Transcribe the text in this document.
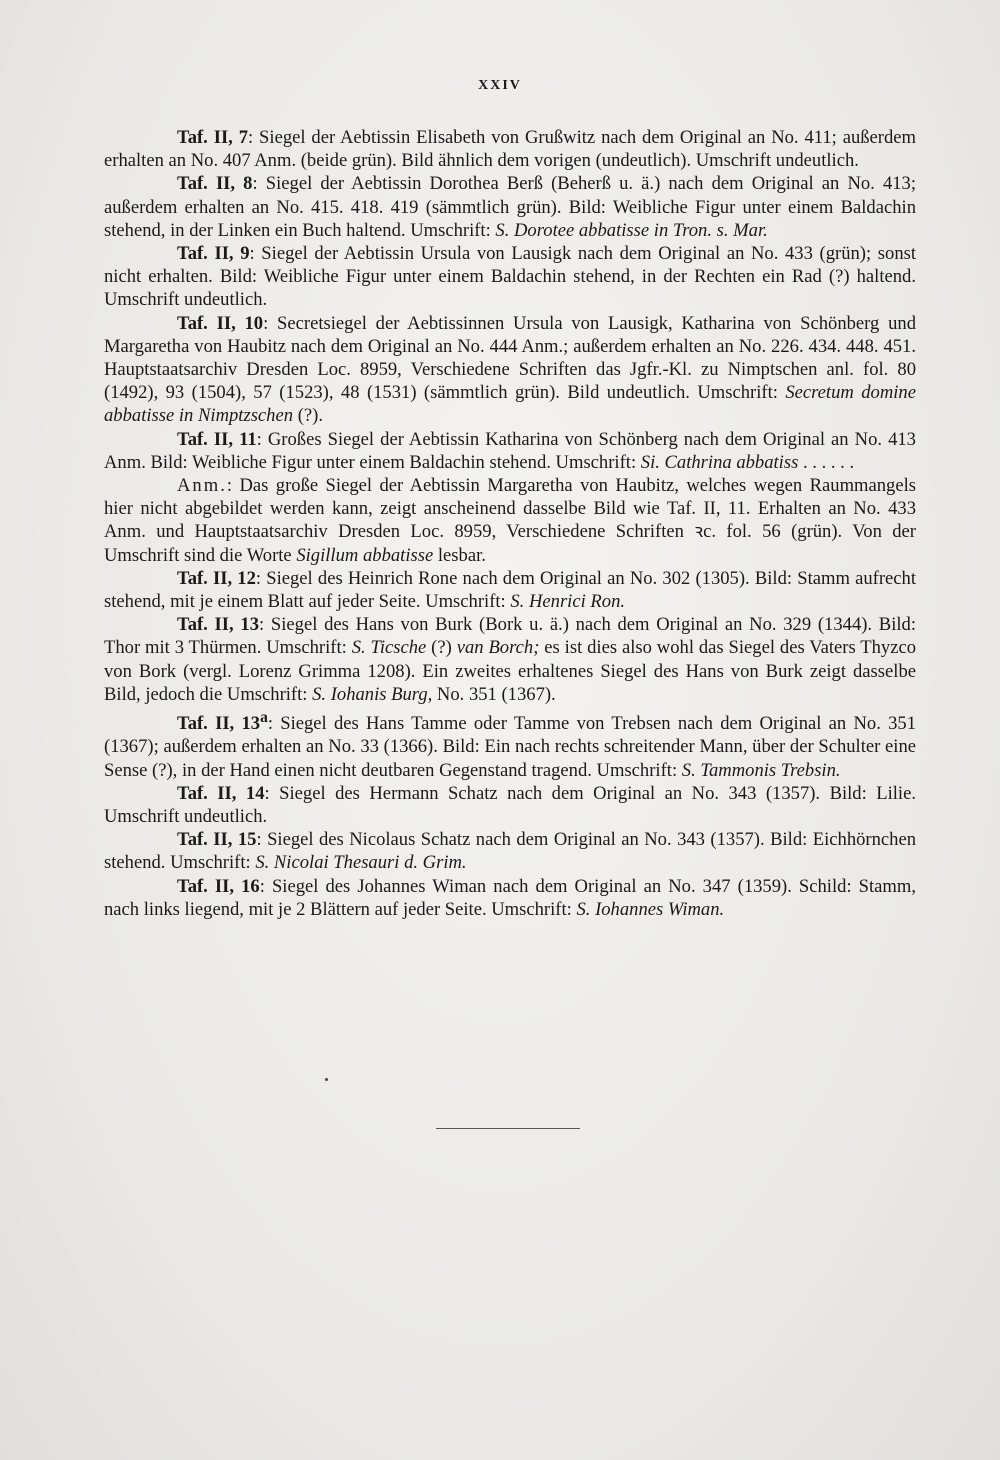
XXIV

Taf. II, 7: Siegel der Aebtissin Elisabeth von Grußwitz nach dem Original an No. 411; außerdem erhalten an No. 407 Anm. (beide grün). Bild ähnlich dem vorigen (undeutlich). Umschrift undeutlich.

Taf. II, 8: Siegel der Aebtissin Dorothea Berß (Beherß u. ä.) nach dem Original an No. 413; außerdem erhalten an No. 415. 418. 419 (sämmtlich grün). Bild: Weibliche Figur unter einem Baldachin stehend, in der Linken ein Buch haltend. Umschrift: S. Dorotee abbatisse in Tron. s. Mar.

Taf. II, 9: Siegel der Aebtissin Ursula von Lausigk nach dem Original an No. 433 (grün); sonst nicht erhalten. Bild: Weibliche Figur unter einem Baldachin stehend, in der Rechten ein Rad (?) haltend. Umschrift undeutlich.

Taf. II, 10: Secretsiegel der Aebtissinnen Ursula von Lausigk, Katharina von Schönberg und Margaretha von Haubitz nach dem Original an No. 444 Anm.; außerdem erhalten an No. 226. 434. 448. 451. Hauptstaatsarchiv Dresden Loc. 8959, Verschiedene Schriften das Jgfr.-Kl. zu Nimptschen anl. fol. 80 (1492), 93 (1504), 57 (1523), 48 (1531) (sämmtlich grün). Bild undeutlich. Umschrift: Secretum domine abbatisse in Nimptzschen (?).

Taf. II, 11: Großes Siegel der Aebtissin Katharina von Schönberg nach dem Original an No. 413 Anm. Bild: Weibliche Figur unter einem Baldachin stehend. Umschrift: Si. Cathrina abbatiss . . . . . .

Anm.: Das große Siegel der Aebtissin Margaretha von Haubitz, welches wegen Raummangels hier nicht abgebildet werden kann, zeigt anscheinend dasselbe Bild wie Taf. II, 11. Erhalten an No. 433 Anm. und Hauptstaatsarchiv Dresden Loc. 8959, Verschiedene Schriften ꝛc. fol. 56 (grün). Von der Umschrift sind die Worte Sigillum abbatisse lesbar.

Taf. II, 12: Siegel des Heinrich Rone nach dem Original an No. 302 (1305). Bild: Stamm aufrecht stehend, mit je einem Blatt auf jeder Seite. Umschrift: S. Henrici Ron.

Taf. II, 13: Siegel des Hans von Burk (Bork u. ä.) nach dem Original an No. 329 (1344). Bild: Thor mit 3 Thürmen. Umschrift: S. Ticsche (?) van Borch; es ist dies also wohl das Siegel des Vaters Thyzco von Bork (vergl. Lorenz Grimma 1208). Ein zweites erhaltenes Siegel des Hans von Burk zeigt dasselbe Bild, jedoch die Umschrift: S. Iohanis Burg, No. 351 (1367).

Taf. II, 13$^a$: Siegel des Hans Tamme oder Tamme von Trebsen nach dem Original an No. 351 (1367); außerdem erhalten an No. 33 (1366). Bild: Ein nach rechts schreitender Mann, über der Schulter eine Sense (?), in der Hand einen nicht deutbaren Gegenstand tragend. Umschrift: S. Tammonis Trebsin.

Taf. II, 14: Siegel des Hermann Schatz nach dem Original an No. 343 (1357). Bild: Lilie. Umschrift undeutlich.

Taf. II, 15: Siegel des Nicolaus Schatz nach dem Original an No. 343 (1357). Bild: Eichhörnchen stehend. Umschrift: S. Nicolai Thesauri d. Grim.

Taf. II, 16: Siegel des Johannes Wiman nach dem Original an No. 347 (1359). Schild: Stamm, nach links liegend, mit je 2 Blättern auf jeder Seite. Umschrift: S. Iohannes Wiman.
